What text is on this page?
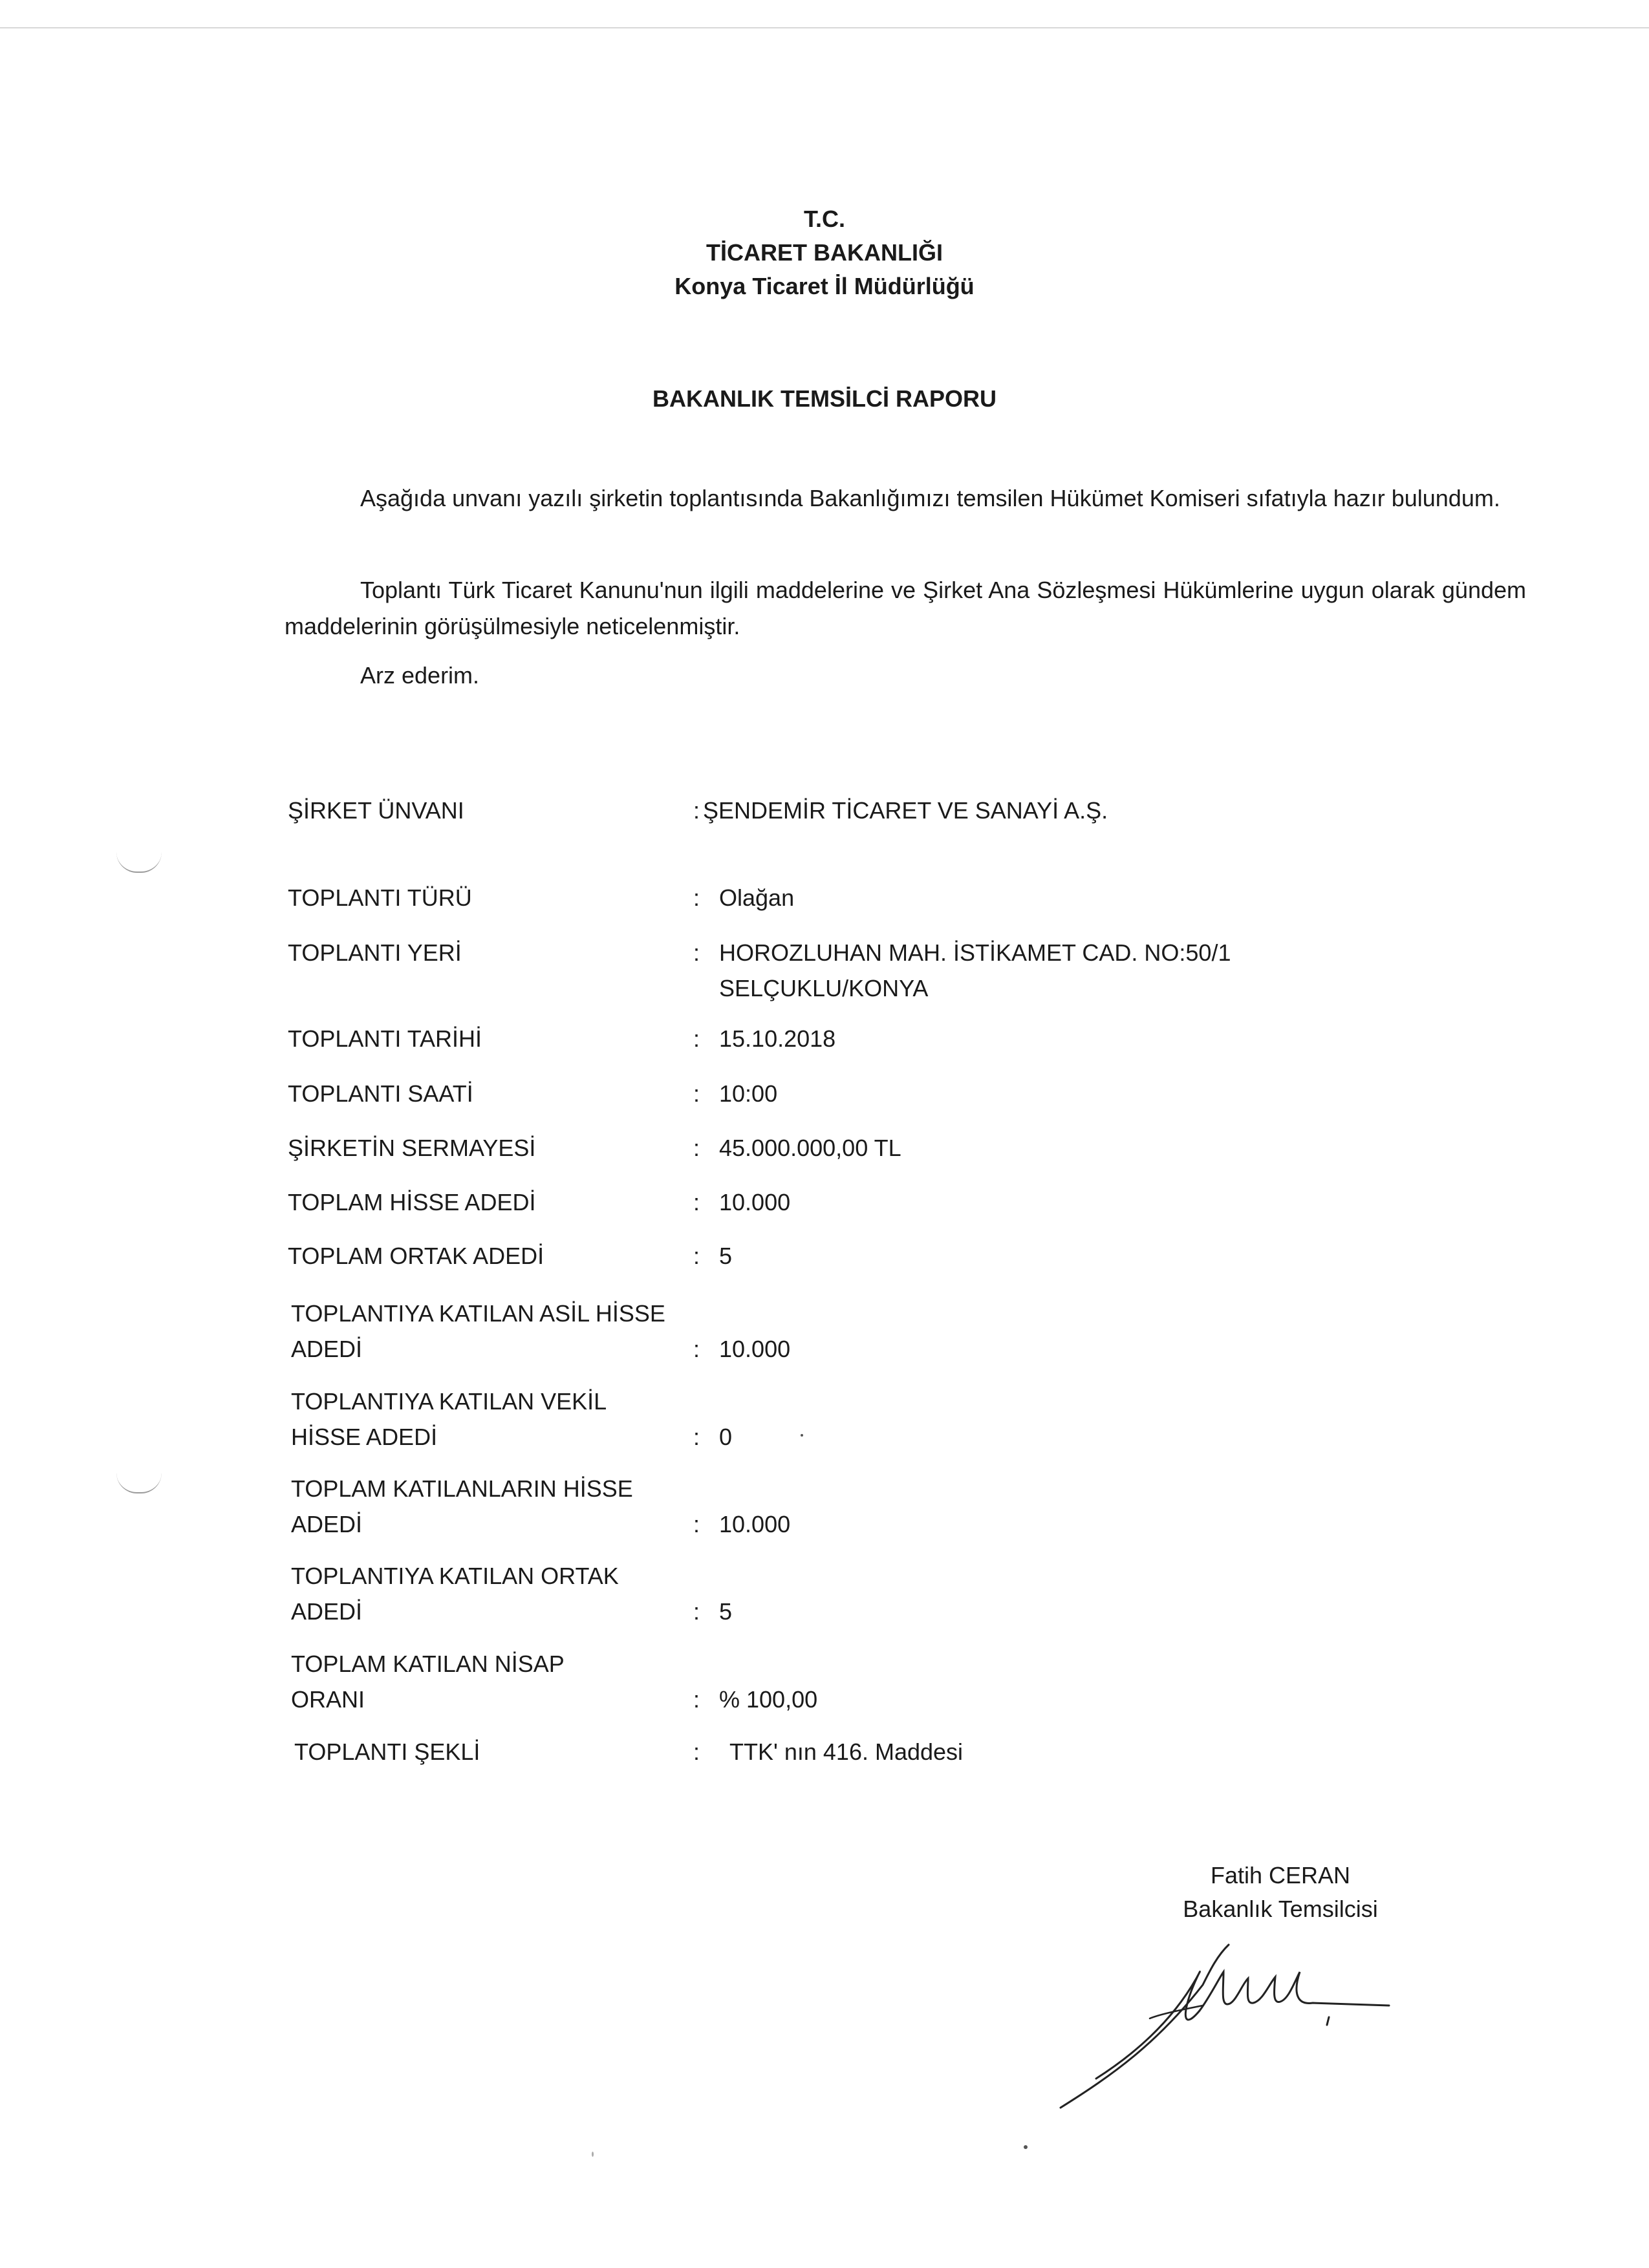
T.C.
TİCARET BAKANLIĞI
Konya Ticaret İl Müdürlüğü
BAKANLIK TEMSİLCİ RAPORU
Aşağıda unvanı yazılı şirketin toplantısında Bakanlığımızı temsilen Hükümet Komiseri sıfatıyla hazır bulundum.
Toplantı Türk Ticaret Kanunu'nun ilgili maddelerine ve Şirket Ana Sözleşmesi Hükümlerine uygun olarak gündem maddelerinin görüşülmesiyle neticelenmiştir.
Arz ederim.
ŞİRKET ÜNVANI	: ŞENDEMİR TİCARET VE SANAYİ A.Ş.
TOPLANTI TÜRÜ	: Olağan
TOPLANTI YERİ	: HOROZLUHAN MAH. İSTİKAMET CAD. NO:50/1 SELÇUKLU/KONYA
TOPLANTI TARİHİ	: 15.10.2018
TOPLANTI SAATİ	: 10:00
ŞİRKETİN SERMAYESİ	: 45.000.000,00 TL
TOPLAM HİSSE ADEDİ	: 10.000
TOPLAM ORTAK ADEDİ	: 5
TOPLANTIYA KATILAN ASİL HİSSE ADEDİ	: 10.000
TOPLANTIYA KATILAN VEKİL HİSSE ADEDİ	: 0
TOPLAM KATILANLARIN HİSSE ADEDİ	: 10.000
TOPLANTIYA KATILAN ORTAK ADEDİ	: 5
TOPLAM KATILAN NİSAP ORANI	: % 100,00
TOPLANTI ŞEKLİ	: TTK' nın 416. Maddesi
Fatih CERAN
Bakanlık Temsilcisi
